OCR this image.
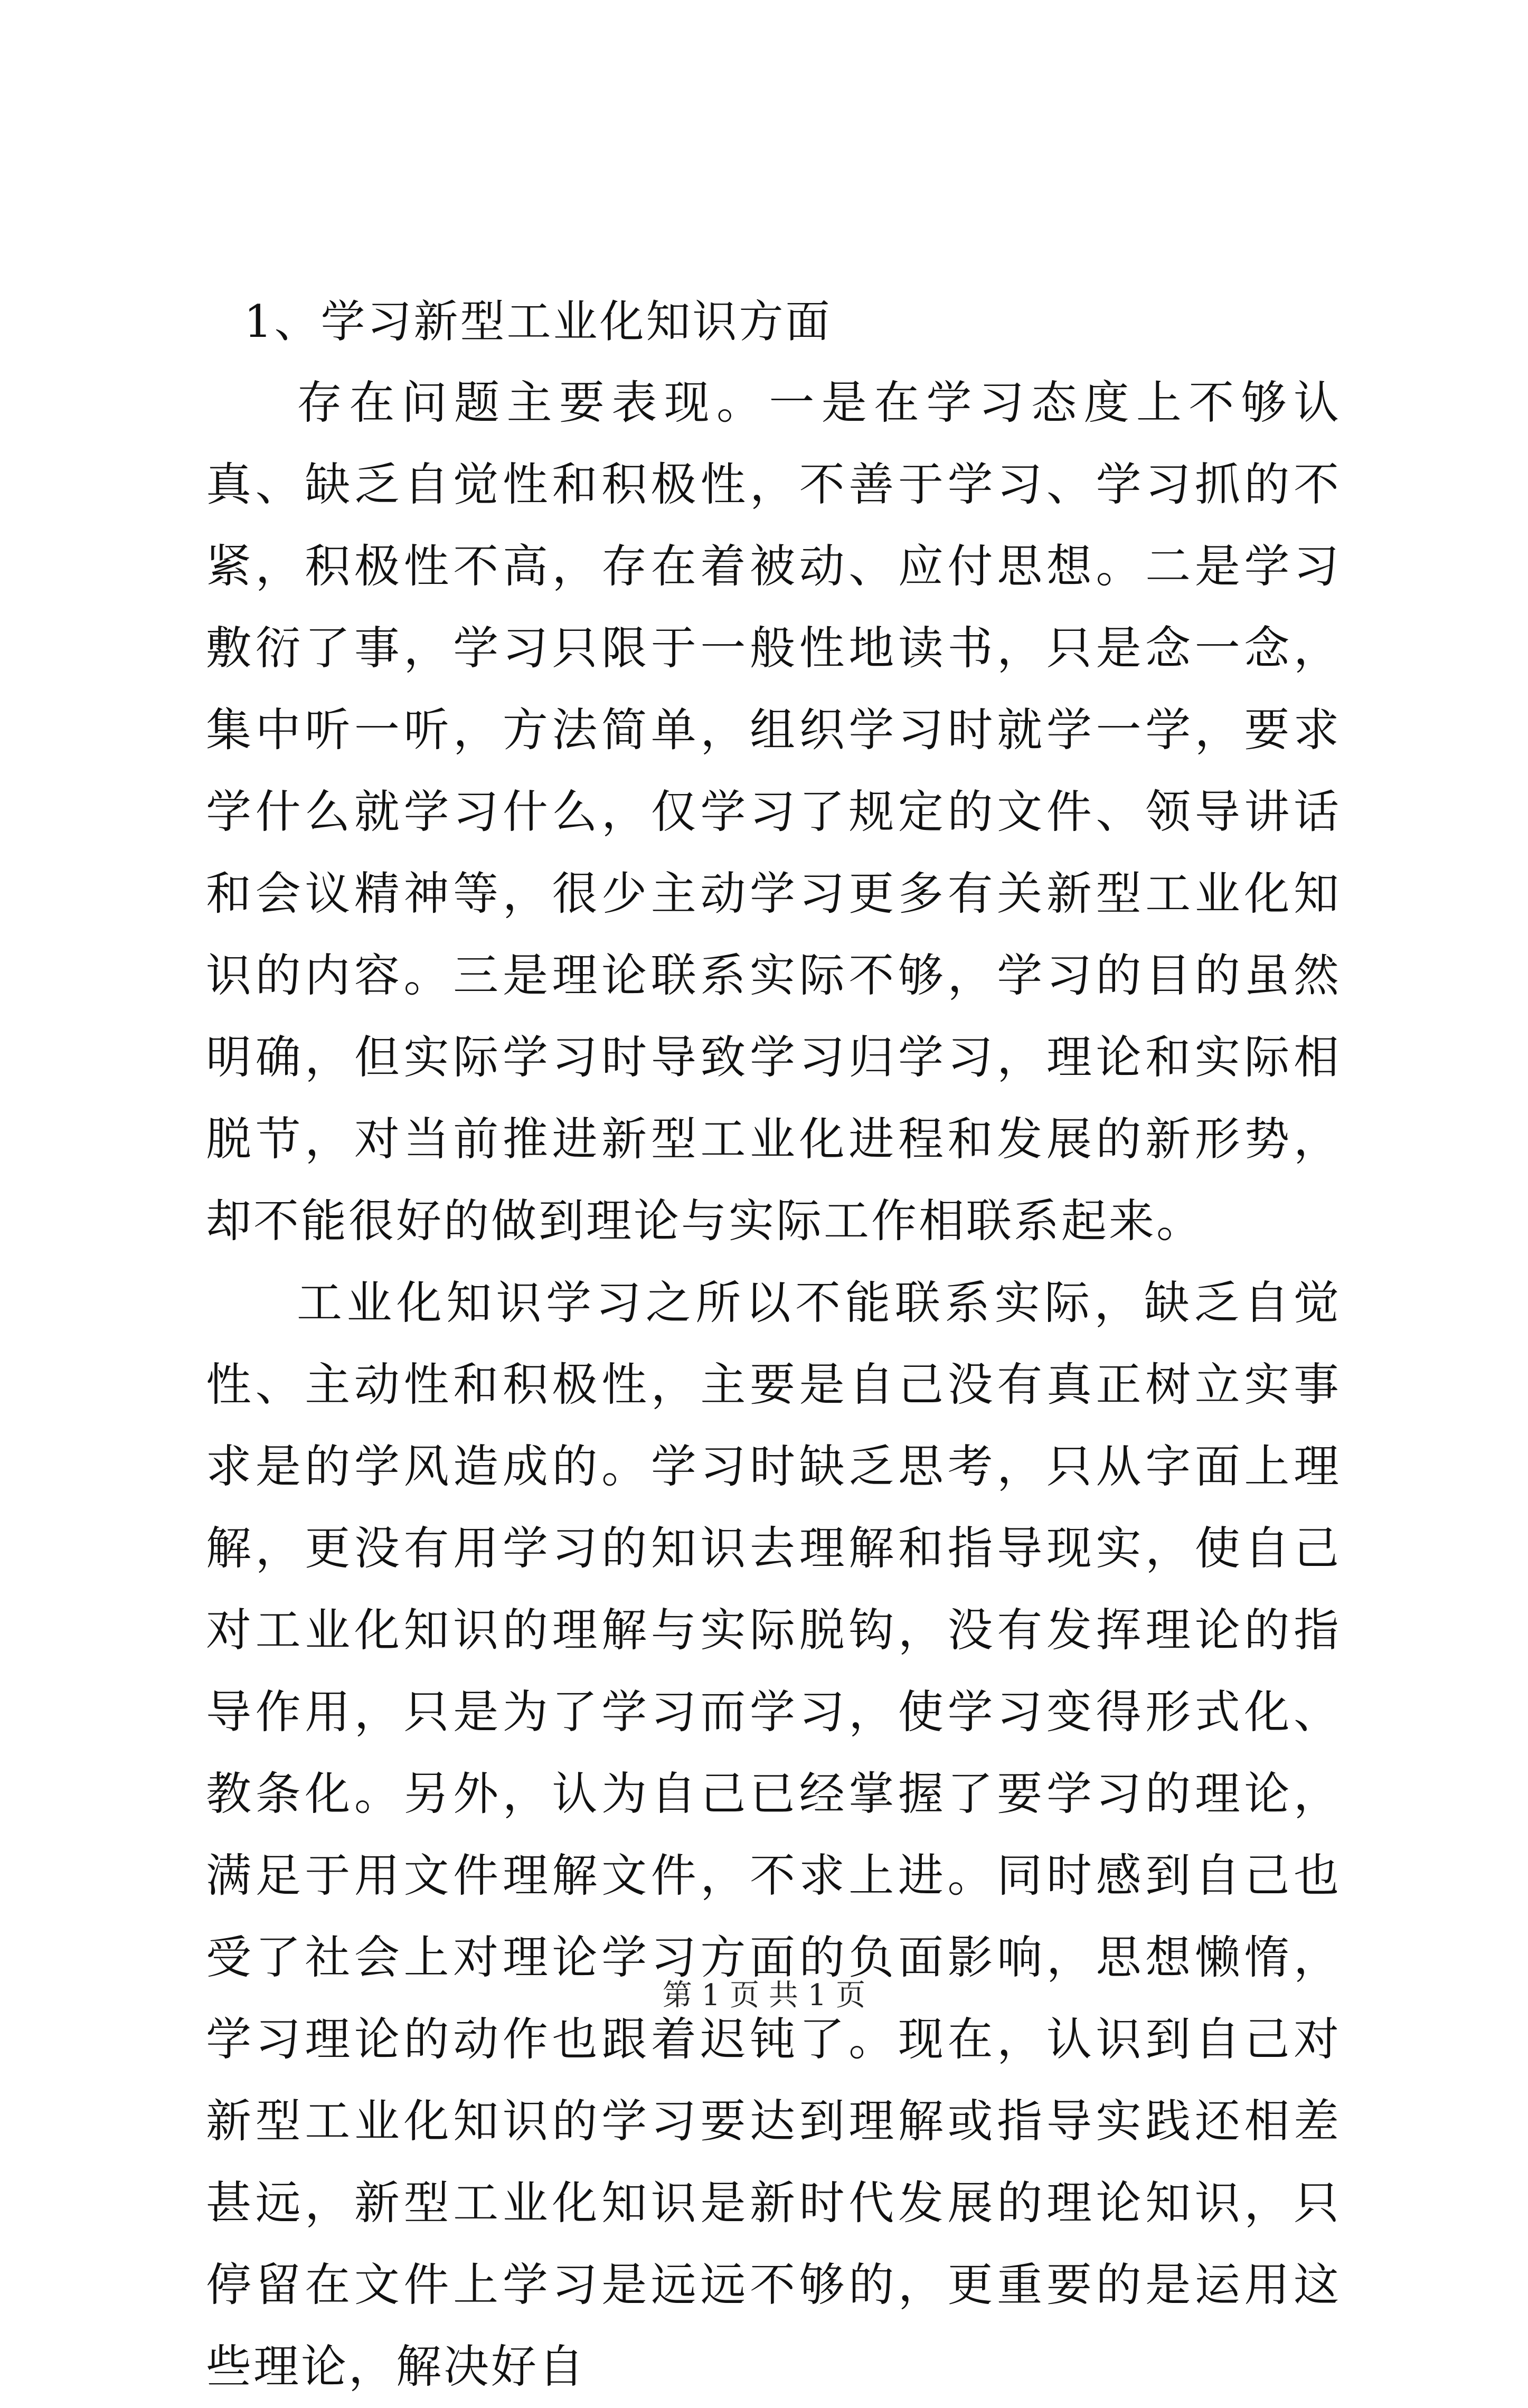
1、学习新型工业化知识方面

存在问题主要表现。一是在学习态度上不够认真、缺乏自觉性和积极性，不善于学习、学习抓的不紧，积极性不高，存在着被动、应付思想。二是学习敷衍了事，学习只限于一般性地读书，只是念一念，集中听一听，方法简单，组织学习时就学一学，要求学什么就学习什么，仅学习了规定的文件、领导讲话和会议精神等，很少主动学习更多有关新型工业化知识的内容。三是理论联系实际不够，学习的目的虽然明确，但实际学习时导致学习归学习，理论和实际相脱节，对当前推进新型工业化进程和发展的新形势，却不能很好的做到理论与实际工作相联系起来。

工业化知识学习之所以不能联系实际，缺乏自觉性、主动性和积极性，主要是自己没有真正树立实事求是的学风造成的。学习时缺乏思考，只从字面上理解，更没有用学习的知识去理解和指导现实，使自己对工业化知识的理解与实际脱钩，没有发挥理论的指导作用，只是为了学习而学习，使学习变得形式化、教条化。另外，认为自己已经掌握了要学习的理论，满足于用文件理解文件，不求上进。同时感到自己也受了社会上对理论学习方面的负面影响，思想懒惰，学习理论的动作也跟着迟钝了。现在，认识到自己对新型工业化知识的学习要达到理解或指导实践还相差甚远，新型工业化知识是新时代发展的理论知识，只停留在文件上学习是远远不够的，更重要的是运用这些理论，解决好自

第 1 页 共 1 页
